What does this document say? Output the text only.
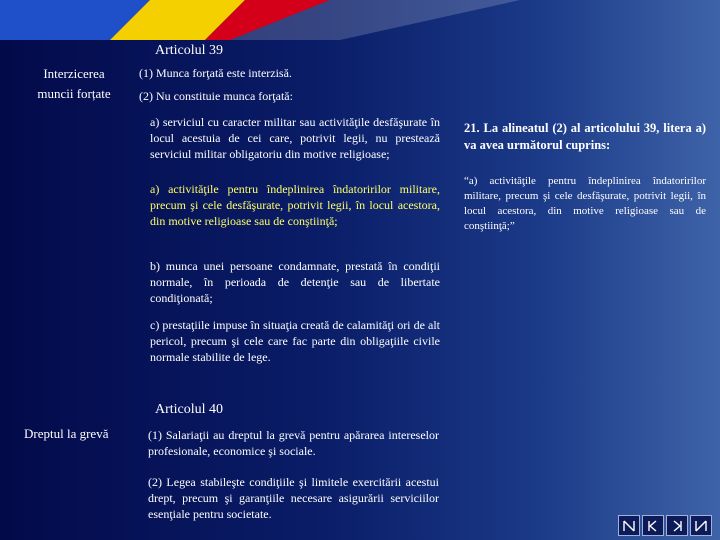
Articolul 39
Interzicerea
muncii forțate
(1) Munca forţată este interzisă.
(2) Nu constituie munca forţată:
a) serviciul cu caracter militar sau activităţile desfăşurate în locul acestuia de cei care, potrivit legii, nu prestează serviciul militar obligatoriu din motive religioase;
a) activităţile pentru îndeplinirea îndatoririlor militare, precum şi cele desfăşurate, potrivit legii, în locul acestora, din motive religioase sau de conştiinţă;
b) munca unei persoane condamnate, prestată în condiţii normale, în perioada de detenţie sau de libertate condiţionată;
c) prestaţiile impuse în situaţia creată de calamităţi ori de alt pericol, precum şi cele care fac parte din obligaţiile civile normale stabilite de lege.
Articolul 40
Dreptul la grevă	(1) Salariaţii au dreptul la grevă pentru apărarea intereselor profesionale, economice şi sociale.
(2) Legea stabileşte condiţiile şi limitele exercitării acestui drept, precum şi garanţiile necesare asigurării serviciilor esenţiale pentru societate.
21. La alineatul (2) al articolului 39, litera a) va avea următorul cuprins:
“a) activităţile pentru îndeplinirea îndatoririlor militare, precum şi cele desfăşurate, potrivit legii, în locul acestora, din motive religioase sau de conştiinţă;”
